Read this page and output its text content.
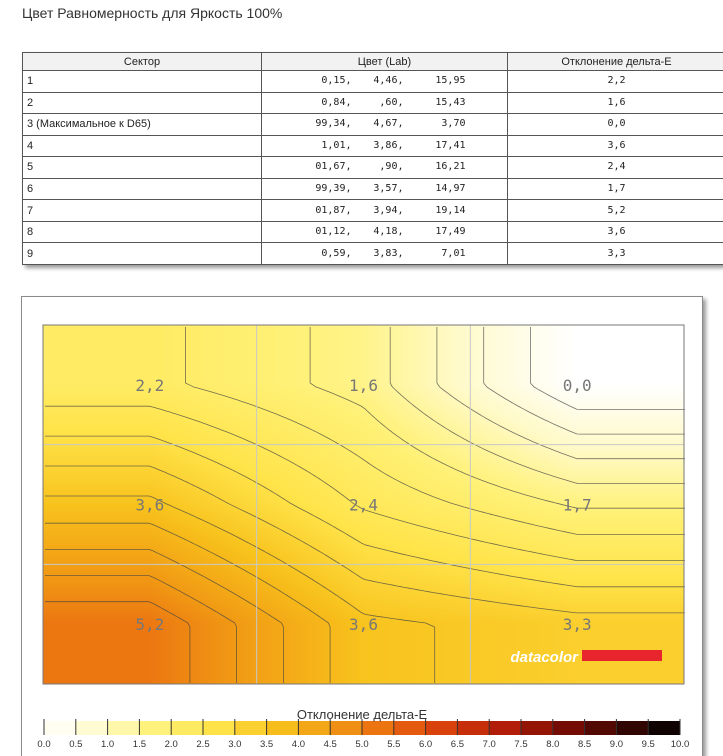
Цвет Равномерность для Яркость 100%
Сектор	Цвет (Lab)	Отклонение дельта-E
1	0,15, 4,46, 15,95	2,2
2	0,84, ,60, 15,43	1,6
3 (Максимальное к D65)	99,34, 4,67, 3,70	0,0
4	1,01, 3,86, 17,41	3,6
5	01,67, ,90, 16,21	2,4
6	99,39, 3,57, 14,97	1,7
7	01,87, 3,94, 19,14	5,2
8	01,12, 4,18, 17,49	3,6
9	0,59, 3,83, 7,01	3,3
2,2	1,6	0,0
3,6	2,4	1,7
5,2	3,6	3,3
datacolor
0.0 0.5 1.0 1.5 2.0 2.5 3.0 3.5 4.0 4.5 5.0 5.5 6.0 6.5 7.0 7.5 8.0 8.5 9.0 9.5 10.0
Отклонение дельта-E
